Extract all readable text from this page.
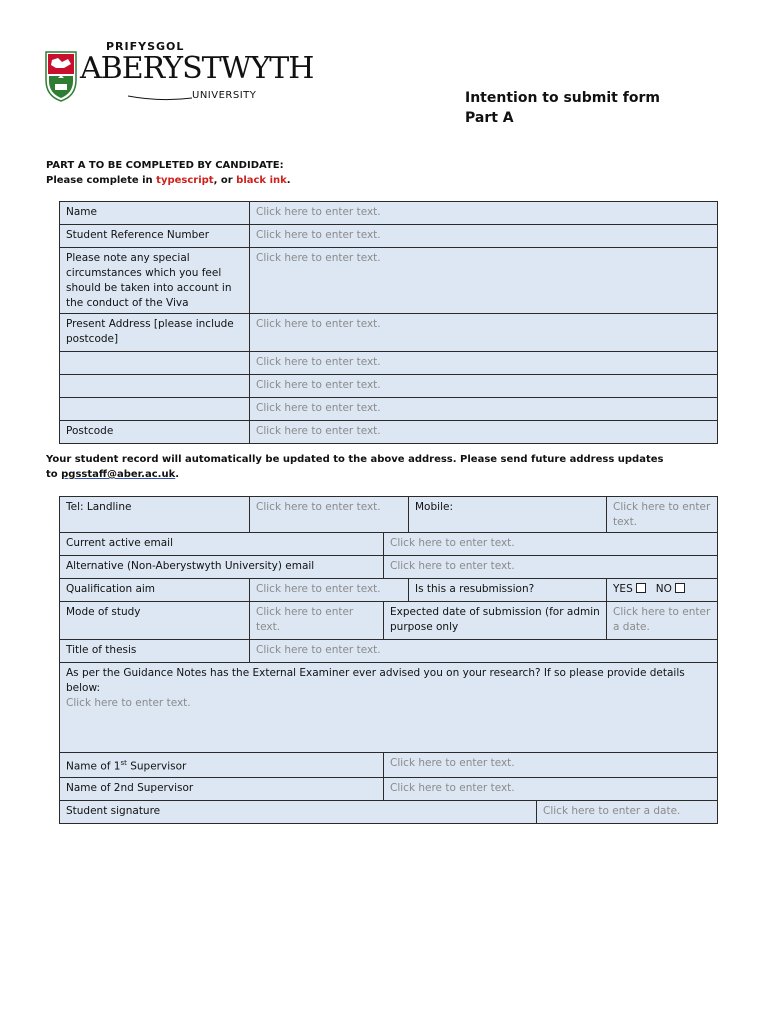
PRIFYSGOL
ABERYSTWYTH
UNIVERSITY	Intention to submit form
Part A
PART A TO BE COMPLETED BY CANDIDATE:
Please complete in typescript, or black ink.
Name	Click here to enter text.
Student Reference Number	Click here to enter text.
Please note any special circumstances which you feel should be taken into account in the conduct of the Viva	Click here to enter text.
Present Address [please include postcode]	Click here to enter text.
	Click here to enter text.
	Click here to enter text.
	Click here to enter text.
Postcode	Click here to enter text.
Your student record will automatically be updated to the above address. Please send future address updates to pgsstaff@aber.ac.uk.
Tel: Landline	Click here to enter text.		Mobile:		Click here to enter text.
Current active email		Click here to enter text.			
Alternative (Non-Aberystwyth University) email		Click here to enter text.			
Qualification aim	Click here to enter text.		Is this a resubmission?		YES NO
Mode of study	Click here to enter text.	Expected date of submission (for admin purpose only			Click here to enter a date.
Title of thesis	Click here to enter text.				

As per the Guidance Notes has the External Examiner ever advised you on your research? If so please provide details below:
Click here to enter text.					

Name of 1st Supervisor		Click here to enter text.			
Name of 2nd Supervisor		Click here to enter text.			
Student signature				Click here to enter a date.	
